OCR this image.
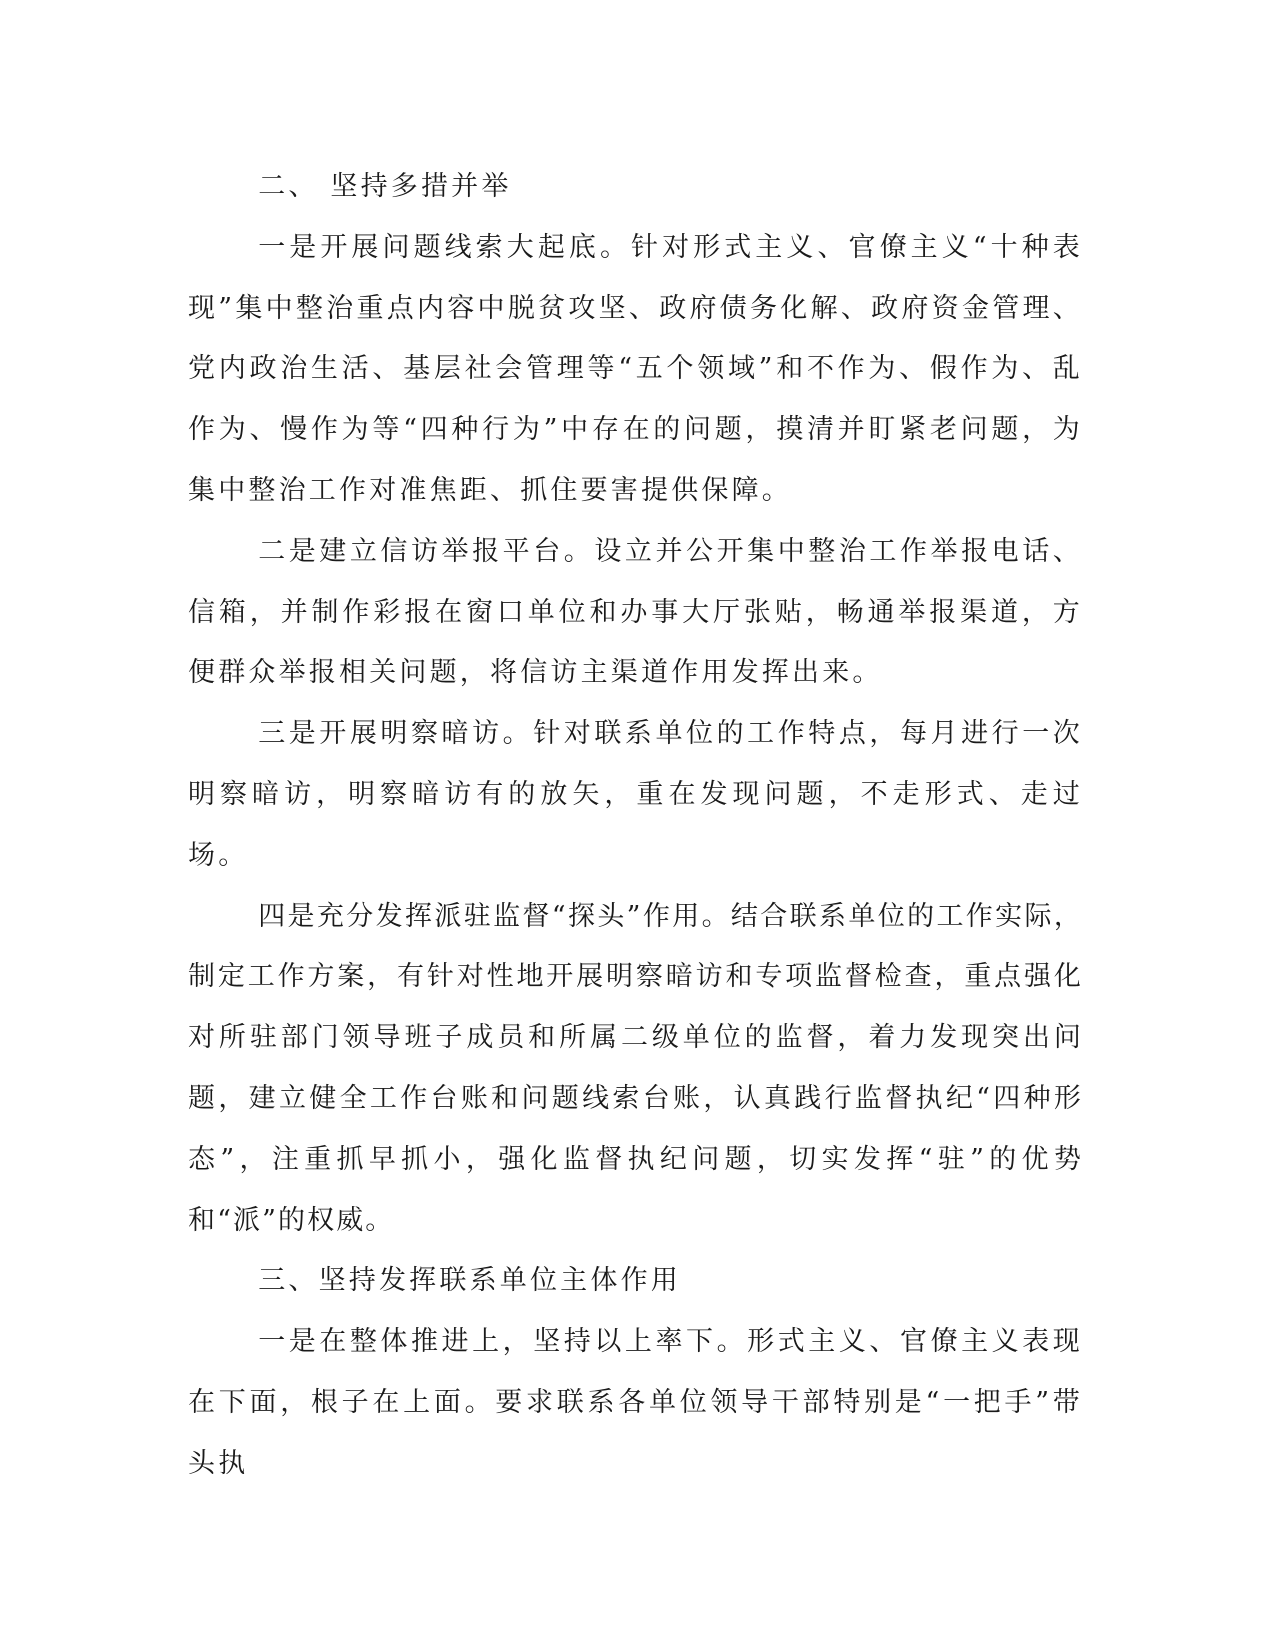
二、 坚持多措并举

一是开展问题线索大起底。针对形式主义、官僚主义“十种表现”集中整治重点内容中脱贫攻坚、政府债务化解、政府资金管理、党内政治生活、基层社会管理等“五个领域”和不作为、假作为、乱作为、慢作为等“四种行为”中存在的问题，摸清并盯紧老问题，为集中整治工作对准焦距、抓住要害提供保障。

二是建立信访举报平台。设立并公开集中整治工作举报电话、信箱，并制作彩报在窗口单位和办事大厅张贴，畅通举报渠道，方便群众举报相关问题，将信访主渠道作用发挥出来。

三是开展明察暗访。针对联系单位的工作特点，每月进行一次明察暗访，明察暗访有的放矢，重在发现问题，不走形式、走过场。

四是充分发挥派驻监督“探头”作用。结合联系单位的工作实际，制定工作方案，有针对性地开展明察暗访和专项监督检查，重点强化对所驻部门领导班子成员和所属二级单位的监督，着力发现突出问题，建立健全工作台账和问题线索台账，认真践行监督执纪“四种形态”，注重抓早抓小，强化监督执纪问题，切实发挥“驻”的优势和“派”的权威。

三、坚持发挥联系单位主体作用

一是在整体推进上，坚持以上率下。形式主义、官僚主义表现在下面，根子在上面。要求联系各单位领导干部特别是“一把手”带头执
